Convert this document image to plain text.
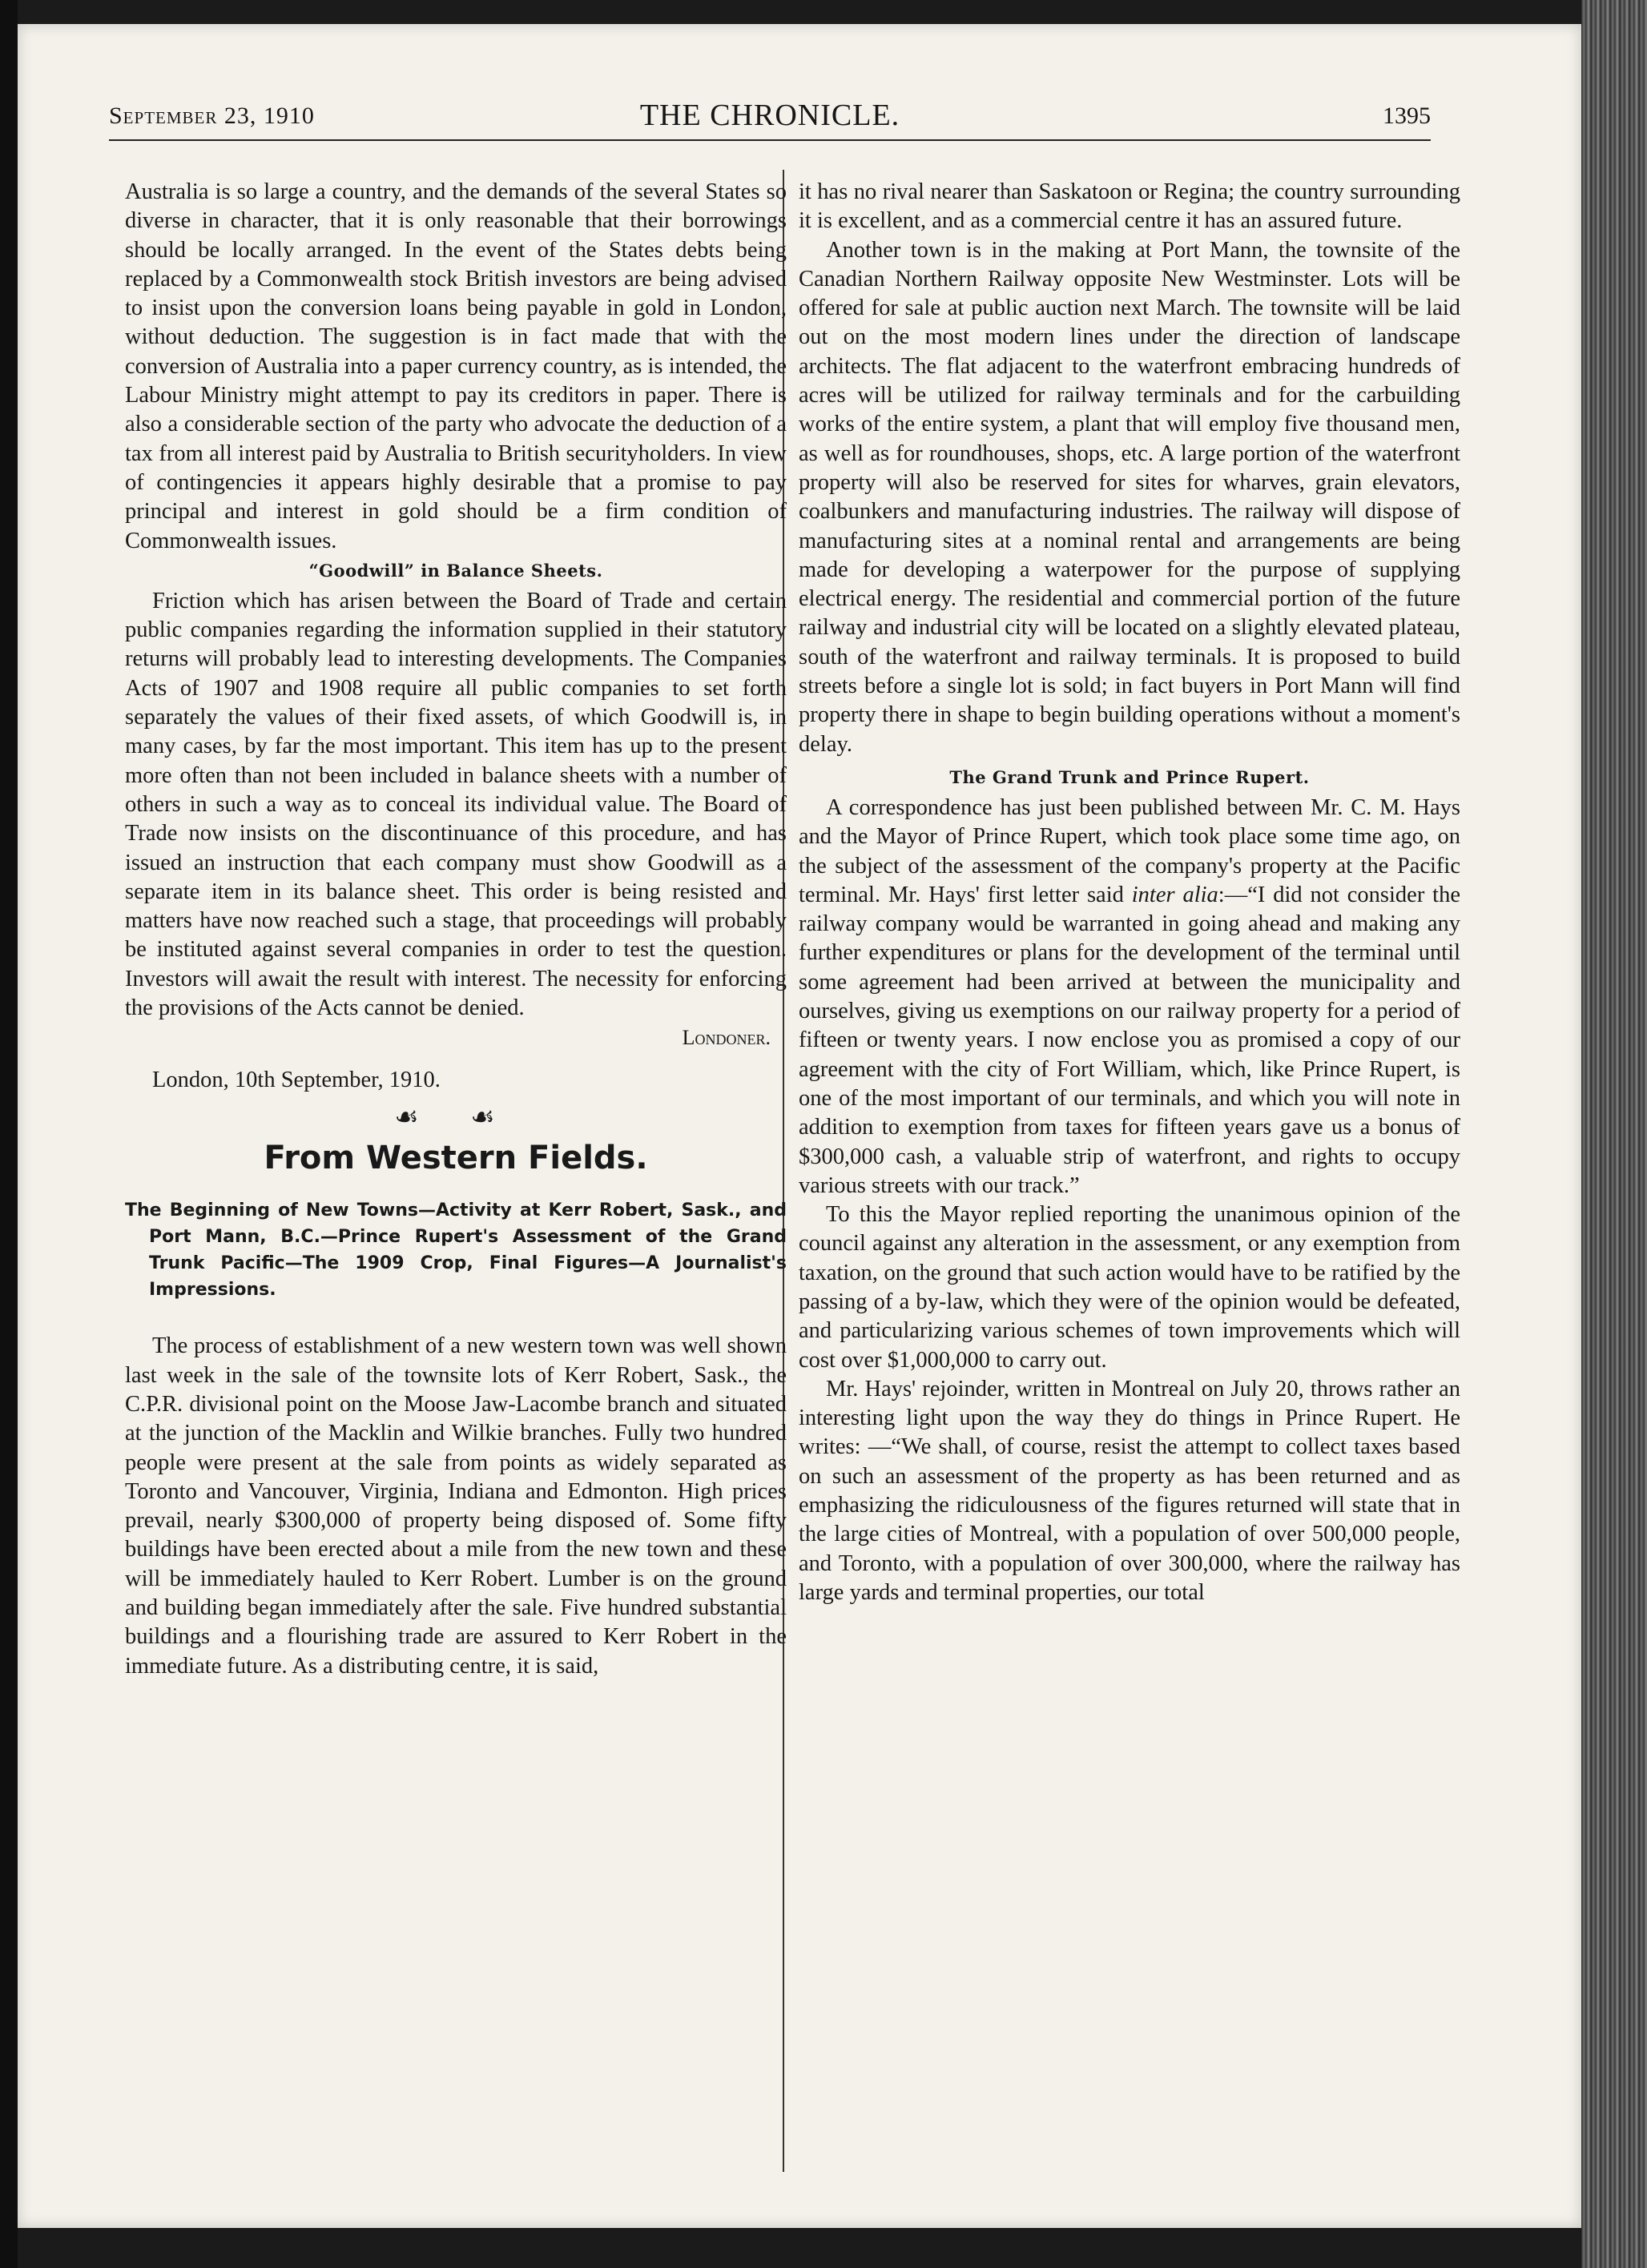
September 23, 1910	THE CHRONICLE.	1395

Australia is so large a country, and the demands of the several States so diverse in character, that it is only reasonable that their borrowings should be locally arranged. In the event of the States debts being replaced by a Commonwealth stock British investors are being advised to insist upon the conversion loans being payable in gold in London, without deduction. The suggestion is in fact made that with the conversion of Australia into a paper currency country, as is intended, the Labour Ministry might attempt to pay its creditors in paper. There is also a considerable section of the party who advocate the deduction of a tax from all interest paid by Australia to British securityholders. In view of contingencies it appears highly desirable that a promise to pay principal and interest in gold should be a firm condition of Commonwealth issues.

“Goodwill” in Balance Sheets.

Friction which has arisen between the Board of Trade and certain public companies regarding the information supplied in their statutory returns will probably lead to interesting developments. The Companies Acts of 1907 and 1908 require all public companies to set forth separately the values of their fixed assets, of which Goodwill is, in many cases, by far the most important. This item has up to the present more often than not been included in balance sheets with a number of others in such a way as to conceal its individual value. The Board of Trade now insists on the discontinuance of this procedure, and has issued an instruction that each company must show Goodwill as a separate item in its balance sheet. This order is being resisted and matters have now reached such a stage, that proceedings will probably be instituted against several companies in order to test the question. Investors will await the result with interest. The necessity for enforcing the provisions of the Acts cannot be denied.

Londoner.
London, 10th September, 1910.
☙ ☙
From Western Fields.
The Beginning of New Towns—Activity at Kerr Robert, Sask., and Port Mann, B.C.—Prince Rupert's Assessment of the Grand Trunk Pacific—The 1909 Crop, Final Figures—A Journalist's Impressions.

The process of establishment of a new western town was well shown last week in the sale of the townsite lots of Kerr Robert, Sask., the C.P.R. divisional point on the Moose Jaw-Lacombe branch and situated at the junction of the Macklin and Wilkie branches. Fully two hundred people were present at the sale from points as widely separated as Toronto and Vancouver, Virginia, Indiana and Edmonton. High prices prevail, nearly $300,000 of property being disposed of. Some fifty buildings have been erected about a mile from the new town and these will be immediately hauled to Kerr Robert. Lumber is on the ground and building began immediately after the sale. Five hundred substantial buildings and a flourishing trade are assured to Kerr Robert in the immediate future. As a distributing centre, it is said,

it has no rival nearer than Saskatoon or Regina; the country surrounding it is excellent, and as a commercial centre it has an assured future.

Another town is in the making at Port Mann, the townsite of the Canadian Northern Railway opposite New Westminster. Lots will be offered for sale at public auction next March. The townsite will be laid out on the most modern lines under the direction of landscape architects. The flat adjacent to the waterfront embracing hundreds of acres will be utilized for railway terminals and for the carbuilding works of the entire system, a plant that will employ five thousand men, as well as for roundhouses, shops, etc. A large portion of the waterfront property will also be reserved for sites for wharves, grain elevators, coalbunkers and manufacturing industries. The railway will dispose of manufacturing sites at a nominal rental and arrangements are being made for developing a waterpower for the purpose of supplying electrical energy. The residential and commercial portion of the future railway and industrial city will be located on a slightly elevated plateau, south of the waterfront and railway terminals. It is proposed to build streets before a single lot is sold; in fact buyers in Port Mann will find property there in shape to begin building operations without a moment's delay.

The Grand Trunk and Prince Rupert.

A correspondence has just been published between Mr. C. M. Hays and the Mayor of Prince Rupert, which took place some time ago, on the subject of the assessment of the company's property at the Pacific terminal. Mr. Hays' first letter said inter alia:—“I did not consider the railway company would be warranted in going ahead and making any further expenditures or plans for the development of the terminal until some agreement had been arrived at between the municipality and ourselves, giving us exemptions on our railway property for a period of fifteen or twenty years. I now enclose you as promised a copy of our agreement with the city of Fort William, which, like Prince Rupert, is one of the most important of our terminals, and which you will note in addition to exemption from taxes for fifteen years gave us a bonus of $300,000 cash, a valuable strip of waterfront, and rights to occupy various streets with our track.”

To this the Mayor replied reporting the unanimous opinion of the council against any alteration in the assessment, or any exemption from taxation, on the ground that such action would have to be ratified by the passing of a by-law, which they were of the opinion would be defeated, and particularizing various schemes of town improvements which will cost over $1,000,000 to carry out.

Mr. Hays' rejoinder, written in Montreal on July 20, throws rather an interesting light upon the way they do things in Prince Rupert. He writes: —“We shall, of course, resist the attempt to collect taxes based on such an assessment of the property as has been returned and as emphasizing the ridiculousness of the figures returned will state that in the large cities of Montreal, with a population of over 500,000 people, and Toronto, with a population of over 300,000, where the railway has large yards and terminal properties, our total
